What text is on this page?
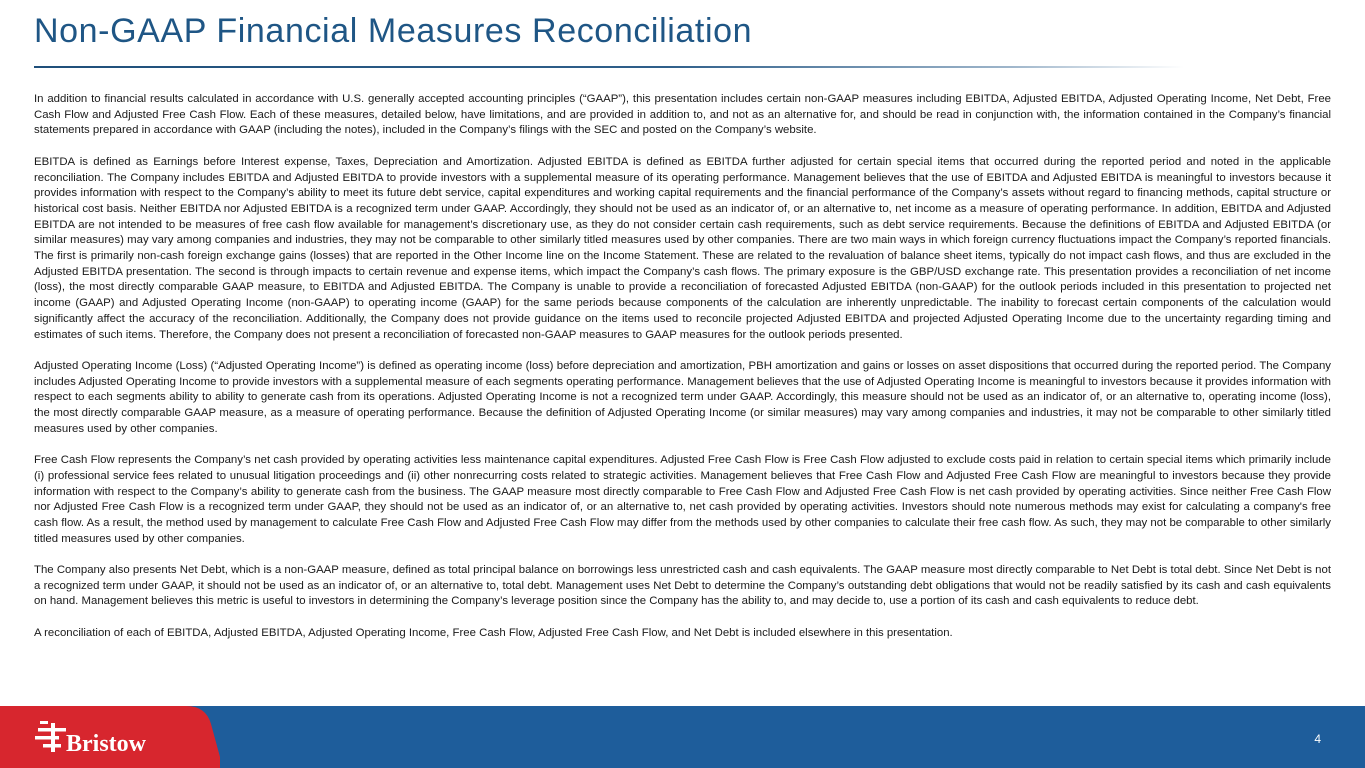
Non-GAAP Financial Measures Reconciliation

In addition to financial results calculated in accordance with U.S. generally accepted accounting principles (“GAAP”), this presentation includes certain non-GAAP measures including EBITDA, Adjusted EBITDA, Adjusted Operating Income, Net Debt, Free Cash Flow and Adjusted Free Cash Flow. Each of these measures, detailed below, have limitations, and are provided in addition to, and not as an alternative for, and should be read in conjunction with, the information contained in the Company’s financial statements prepared in accordance with GAAP (including the notes), included in the Company’s filings with the SEC and posted on the Company’s website.

EBITDA is defined as Earnings before Interest expense, Taxes, Depreciation and Amortization. Adjusted EBITDA is defined as EBITDA further adjusted for certain special items that occurred during the reported period and noted in the applicable reconciliation. The Company includes EBITDA and Adjusted EBITDA to provide investors with a supplemental measure of its operating performance. Management believes that the use of EBITDA and Adjusted EBITDA is meaningful to investors because it provides information with respect to the Company’s ability to meet its future debt service, capital expenditures and working capital requirements and the financial performance of the Company’s assets without regard to financing methods, capital structure or historical cost basis. Neither EBITDA nor Adjusted EBITDA is a recognized term under GAAP. Accordingly, they should not be used as an indicator of, or an alternative to, net income as a measure of operating performance. In addition, EBITDA and Adjusted EBITDA are not intended to be measures of free cash flow available for management’s discretionary use, as they do not consider certain cash requirements, such as debt service requirements. Because the definitions of EBITDA and Adjusted EBITDA (or similar measures) may vary among companies and industries, they may not be comparable to other similarly titled measures used by other companies. There are two main ways in which foreign currency fluctuations impact the Company’s reported financials. The first is primarily non-cash foreign exchange gains (losses) that are reported in the Other Income line on the Income Statement. These are related to the revaluation of balance sheet items, typically do not impact cash flows, and thus are excluded in the Adjusted EBITDA presentation. The second is through impacts to certain revenue and expense items, which impact the Company’s cash flows. The primary exposure is the GBP/USD exchange rate. This presentation provides a reconciliation of net income (loss), the most directly comparable GAAP measure, to EBITDA and Adjusted EBITDA. The Company is unable to provide a reconciliation of forecasted Adjusted EBITDA (non-GAAP) for the outlook periods included in this presentation to projected net income (GAAP) and Adjusted Operating Income (non-GAAP) to operating income (GAAP) for the same periods because components of the calculation are inherently unpredictable. The inability to forecast certain components of the calculation would significantly affect the accuracy of the reconciliation. Additionally, the Company does not provide guidance on the items used to reconcile projected Adjusted EBITDA and projected Adjusted Operating Income due to the uncertainty regarding timing and estimates of such items. Therefore, the Company does not present a reconciliation of forecasted non-GAAP measures to GAAP measures for the outlook periods presented.

Adjusted Operating Income (Loss) (“Adjusted Operating Income”) is defined as operating income (loss) before depreciation and amortization, PBH amortization and gains or losses on asset dispositions that occurred during the reported period. The Company includes Adjusted Operating Income to provide investors with a supplemental measure of each segments operating performance. Management believes that the use of Adjusted Operating Income is meaningful to investors because it provides information with respect to each segments ability to ability to generate cash from its operations. Adjusted Operating Income is not a recognized term under GAAP. Accordingly, this measure should not be used as an indicator of, or an alternative to, operating income (loss), the most directly comparable GAAP measure, as a measure of operating performance. Because the definition of Adjusted Operating Income (or similar measures) may vary among companies and industries, it may not be comparable to other similarly titled measures used by other companies.

Free Cash Flow represents the Company’s net cash provided by operating activities less maintenance capital expenditures. Adjusted Free Cash Flow is Free Cash Flow adjusted to exclude costs paid in relation to certain special items which primarily include (i) professional service fees related to unusual litigation proceedings and (ii) other nonrecurring costs related to strategic activities. Management believes that Free Cash Flow and Adjusted Free Cash Flow are meaningful to investors because they provide information with respect to the Company’s ability to generate cash from the business. The GAAP measure most directly comparable to Free Cash Flow and Adjusted Free Cash Flow is net cash provided by operating activities. Since neither Free Cash Flow nor Adjusted Free Cash Flow is a recognized term under GAAP, they should not be used as an indicator of, or an alternative to, net cash provided by operating activities. Investors should note numerous methods may exist for calculating a company's free cash flow. As a result, the method used by management to calculate Free Cash Flow and Adjusted Free Cash Flow may differ from the methods used by other companies to calculate their free cash flow. As such, they may not be comparable to other similarly titled measures used by other companies.

The Company also presents Net Debt, which is a non-GAAP measure, defined as total principal balance on borrowings less unrestricted cash and cash equivalents. The GAAP measure most directly comparable to Net Debt is total debt. Since Net Debt is not a recognized term under GAAP, it should not be used as an indicator of, or an alternative to, total debt. Management uses Net Debt to determine the Company’s outstanding debt obligations that would not be readily satisfied by its cash and cash equivalents on hand. Management believes this metric is useful to investors in determining the Company’s leverage position since the Company has the ability to, and may decide to, use a portion of its cash and cash equivalents to reduce debt.

A reconciliation of each of EBITDA, Adjusted EBITDA, Adjusted Operating Income, Free Cash Flow, Adjusted Free Cash Flow, and Net Debt is included elsewhere in this presentation.

Bristow	4
